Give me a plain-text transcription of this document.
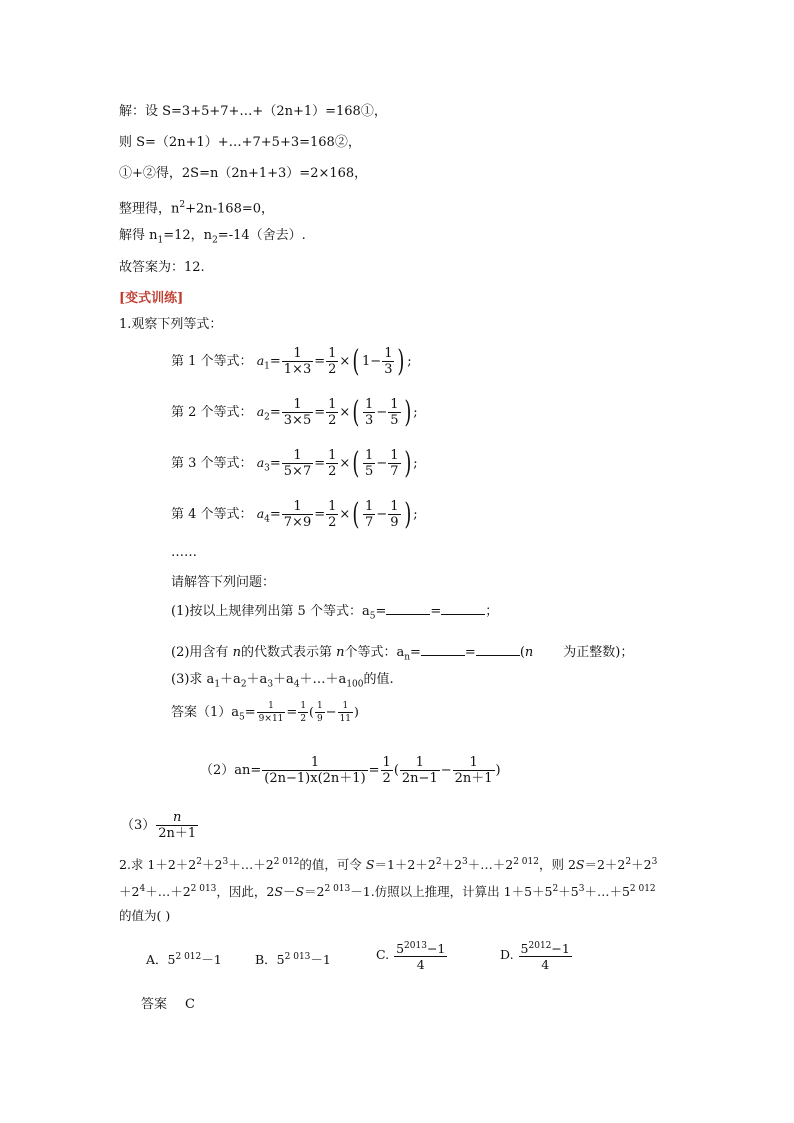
解：设 S=3+5+7+…+（2n+1）=168①，
则 S=（2n+1）+…+7+5+3=168②，
①+②得，2S=n（2n+1+3）=2×168，
整理得，$n^2+2n-168=0$，
解得 $n_1=12$，$n_2=-14$（舍去）.
故答案为：12.
[变式训练]
1.观察下列等式：
第 1 个等式： $a_1= \frac{1}{1\times 3} = \frac{1}{2}$ ×( $1- \frac{1}{3}$ ) ;
第 2 个等式： $a_2= \frac{1}{3\times 5} = \frac{1}{2}$ ×( $\frac{1}{3} - \frac{1}{5}$ ) ;
第 3 个等式： $a_3= \frac{1}{5\times 7} = \frac{1}{2}$ ×( $\frac{1}{5} - \frac{1}{7}$ ) ;
第 4 个等式： $a_4= \frac{1}{7\times 9} = \frac{1}{2}$ ×( $\frac{1}{7} - \frac{1}{9}$ ) ;
……
请解答下列问题：
(1)按以上规律列出第 5 个等式：$a_5=$	=	；
(2)用含有 n的代数式表示第 n个等式：$a_n=$	=	(n 为正整数)；
(3)求 $a_1+a_2+a_3+a_4+\dots+a_{100}$的值.
答案$(1)a_5= \frac{1}{9\times 11} = \frac{1}{2}$ ( $\frac{1}{9} - \frac{1}{11}$ )
$(2)an= \frac{1}{(2n-1)x(2n+1)} = \frac{1}{2}$ ( $\frac{1}{2n-1} - \frac{1}{2n+1}$ )
$(3) \frac{n}{2n+1}$
2.求 $1+2+2^2+2^3+\dots+2^{2 012}$的值，可令 $S=1+2+2^2+2^3+\dots+2^{2 012}$，则 $2S=2+2^2+2^3$
$+2^4+\dots+2^{2 013}$，因此，$2S-S=2^{2 013}-1$.仿照以上推理，计算出 $1+5+5^2+5^3+\dots+5^{2 012}$
的值为( )
A．$5^{2 012}-1$	B．$5^{2 013}-1$	C. $\frac{5^{2013}-1}{4}$	D. $\frac{5^{2012}-1}{4}$
答案 C
